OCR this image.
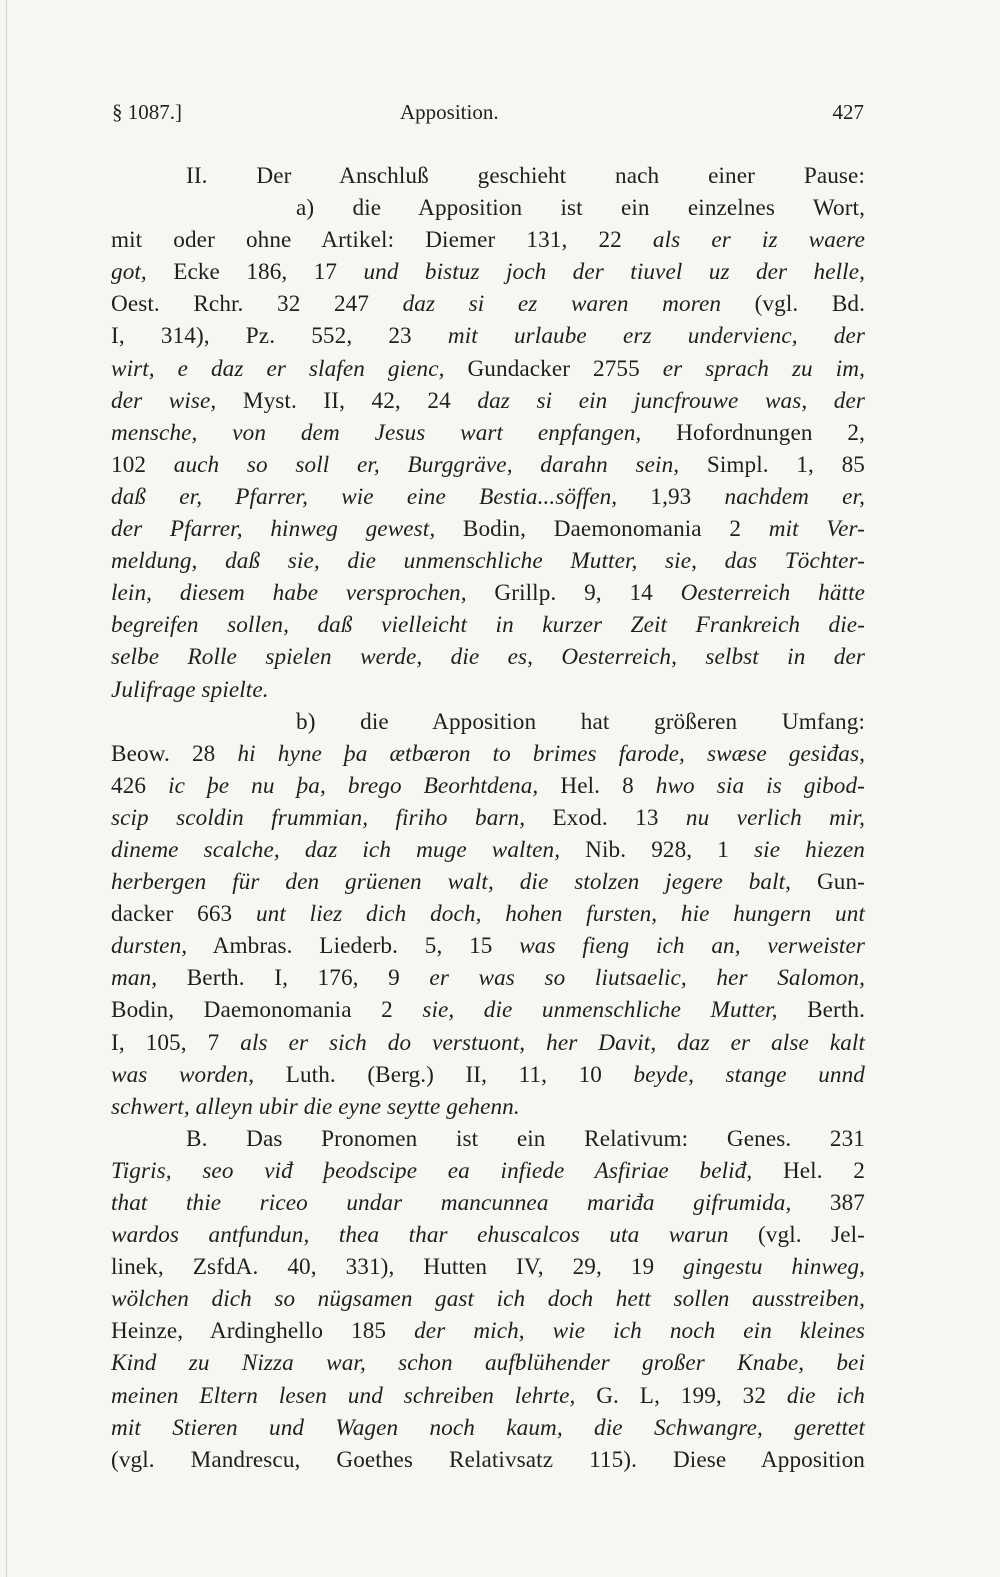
§ 1087.]	Apposition.	427
II. Der Anschluß geschieht nach einer Pause:
a) die Apposition ist ein einzelnes Wort,
mit oder ohne Artikel: Diemer 131, 22 als er iz waere
got, Ecke 186, 17 und bistuz joch der tiuvel uz der helle,
Oest. Rchr. 32 247 daz si ez waren moren (vgl. Bd.
I, 314), Pz. 552, 23 mit urlaube erz undervienc, der
wirt, e daz er slafen gienc, Gundacker 2755 er sprach zu im,
der wise, Myst. II, 42, 24 daz si ein juncfrouwe was, der
mensche, von dem Jesus wart enpfangen, Hofordnungen 2,
102 auch so soll er, Burggräve, darahn sein, Simpl. 1, 85
daß er, Pfarrer, wie eine Bestia...söffen, 1,93 nachdem er,
der Pfarrer, hinweg gewest, Bodin, Daemonomania 2 mit Ver-
meldung, daß sie, die unmenschliche Mutter, sie, das Töchter-
lein, diesem habe versprochen, Grillp. 9, 14 Oesterreich hätte
begreifen sollen, daß vielleicht in kurzer Zeit Frankreich die-
selbe Rolle spielen werde, die es, Oesterreich, selbst in der
Julifrage spielte.
b) die Apposition hat größeren Umfang:
Beow. 28 hi hyne þa ætbæron to brimes farode, swæse gesiđas,
426 ic þe nu þa, brego Beorhtdena, Hel. 8 hwo sia is gibod-
scip scoldin frummian, firiho barn, Exod. 13 nu verlich mir,
dineme scalche, daz ich muge walten, Nib. 928, 1 sie hiezen
herbergen für den grüenen walt, die stolzen jegere balt, Gun-
dacker 663 unt liez dich doch, hohen fursten, hie hungern unt
dursten, Ambras. Liederb. 5, 15 was fieng ich an, verweister
man, Berth. I, 176, 9 er was so liutsaelic, her Salomon,
Bodin, Daemonomania 2 sie, die unmenschliche Mutter, Berth.
I, 105, 7 als er sich do verstuont, her Davit, daz er alse kalt
was worden, Luth. (Berg.) II, 11, 10 beyde, stange unnd
schwert, alleyn ubir die eyne seytte gehenn.
B. Das Pronomen ist ein Relativum: Genes. 231
Tigris, seo viđ þeodscipe ea infiede Asfiriae beliđ, Hel. 2
that thie riceo undar mancunnea mariđa gifrumida, 387
wardos antfundun, thea thar ehuscalcos uta warun (vgl. Jel-
linek, ZsfdA. 40, 331), Hutten IV, 29, 19 gingestu hinweg,
wölchen dich so nügsamen gast ich doch hett sollen ausstreiben,
Heinze, Ardinghello 185 der mich, wie ich noch ein kleines
Kind zu Nizza war, schon aufblühender großer Knabe, bei
meinen Eltern lesen und schreiben lehrte, G. L, 199, 32 die ich
mit Stieren und Wagen noch kaum, die Schwangre, gerettet
(vgl. Mandrescu, Goethes Relativsatz 115). Diese Apposition
